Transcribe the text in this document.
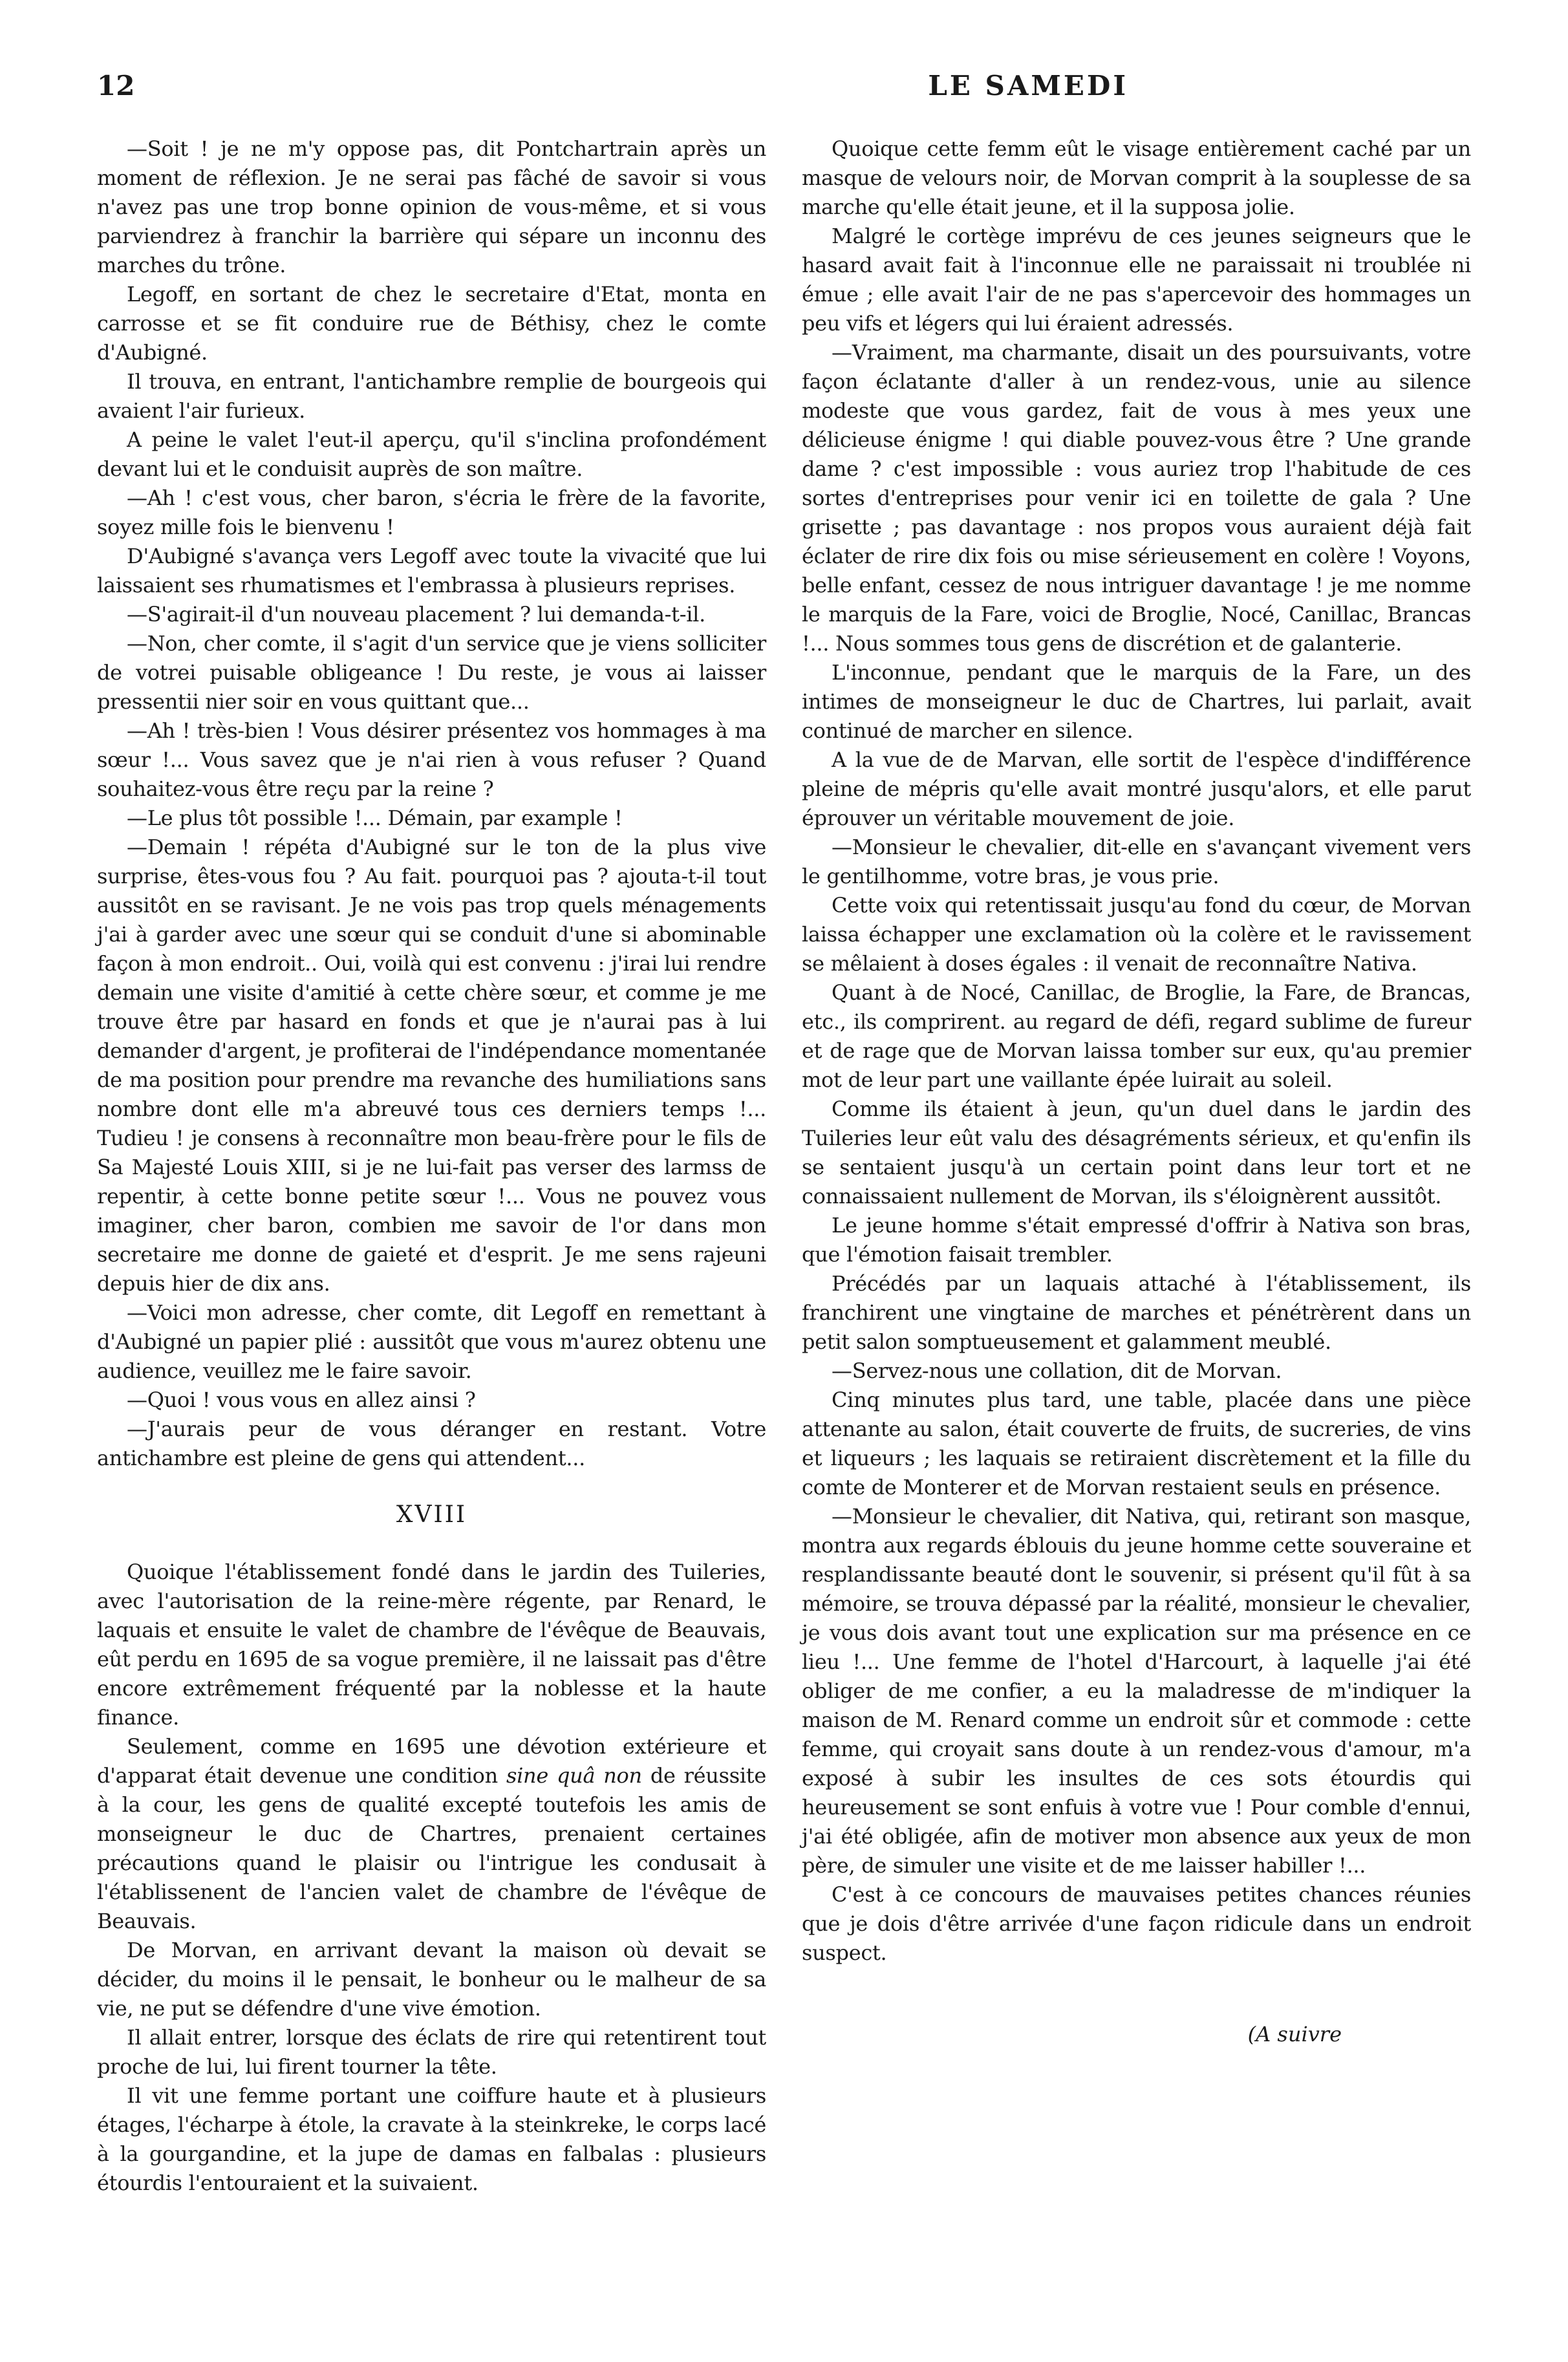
12	LE SAMEDI

—Soit ! je ne m'y oppose pas, dit Pontchartrain après un moment de réflexion. Je ne serai pas fâché de savoir si vous n'avez pas une trop bonne opinion de vous-même, et si vous parviendrez à franchir la barrière qui sépare un inconnu des marches du trône.

Legoff, en sortant de chez le secretaire d'Etat, monta en carrosse et se fit conduire rue de Béthisy, chez le comte d'Aubigné.

Il trouva, en entrant, l'antichambre remplie de bourgeois qui avaient l'air furieux.

A peine le valet l'eut-il aperçu, qu'il s'inclina profondément devant lui et le conduisit auprès de son maître.

—Ah ! c'est vous, cher baron, s'écria le frère de la favorite, soyez mille fois le bienvenu !

D'Aubigné s'avança vers Legoff avec toute la vivacité que lui laissaient ses rhumatismes et l'embrassa à plusieurs reprises.

—S'agirait-il d'un nouveau placement ? lui demanda-t-il.

—Non, cher comte, il s'agit d'un service que je viens solliciter de votrei puisable obligeance ! Du reste, je vous ai laisser pressentii nier soir en vous quittant que...

—Ah ! très-bien ! Vous désirer présentez vos hommages à ma sœur !... Vous savez que je n'ai rien à vous refuser ? Quand souhaitez-vous être reçu par la reine ?

—Le plus tôt possible !... Démain, par example !

—Demain ! répéta d'Aubigné sur le ton de la plus vive surprise, êtes-vous fou ? Au fait. pourquoi pas ? ajouta-t-il tout aussitôt en se ravisant. Je ne vois pas trop quels ménagements j'ai à garder avec une sœur qui se conduit d'une si abominable façon à mon endroit.. Oui, voilà qui est convenu : j'irai lui rendre demain une visite d'amitié à cette chère sœur, et comme je me trouve être par hasard en fonds et que je n'aurai pas à lui demander d'argent, je profiterai de l'indépendance momentanée de ma position pour prendre ma revanche des humiliations sans nombre dont elle m'a abreuvé tous ces derniers temps !... Tudieu ! je consens à reconnaître mon beau-frère pour le fils de Sa Majesté Louis XIII, si je ne lui-fait pas verser des larmss de repentir, à cette bonne petite sœur !... Vous ne pouvez vous imaginer, cher baron, combien me savoir de l'or dans mon secretaire me donne de gaieté et d'esprit. Je me sens rajeuni depuis hier de dix ans.

—Voici mon adresse, cher comte, dit Legoff en remettant à d'Aubigné un papier plié : aussitôt que vous m'aurez obtenu une audience, veuillez me le faire savoir.

—Quoi ! vous vous en allez ainsi ?

—J'aurais peur de vous déranger en restant. Votre antichambre est pleine de gens qui attendent...

XVIII

Quoique l'établissement fondé dans le jardin des Tuileries, avec l'autorisation de la reine-mère régente, par Renard, le laquais et ensuite le valet de chambre de l'évêque de Beauvais, eût perdu en 1695 de sa vogue première, il ne laissait pas d'être encore extrêmement fréquenté par la noblesse et la haute finance.

Seulement, comme en 1695 une dévotion extérieure et d'apparat était devenue une condition sine quâ non de réussite à la cour, les gens de qualité excepté toutefois les amis de monseigneur le duc de Chartres, prenaient certaines précautions quand le plaisir ou l'intrigue les condusait à l'établissenent de l'ancien valet de chambre de l'évêque de Beauvais.

De Morvan, en arrivant devant la maison où devait se décider, du moins il le pensait, le bonheur ou le malheur de sa vie, ne put se défendre d'une vive émotion.

Il allait entrer, lorsque des éclats de rire qui retentirent tout proche de lui, lui firent tourner la tête.

Il vit une femme portant une coiffure haute et à plusieurs étages, l'écharpe à étole, la cravate à la steinkreke, le corps lacé à la gourgandine, et la jupe de damas en falbalas : plusieurs étourdis l'entouraient et la suivaient.

Quoique cette femm eût le visage entièrement caché par un masque de velours noir, de Morvan comprit à la souplesse de sa marche qu'elle était jeune, et il la supposa jolie.

Malgré le cortège imprévu de ces jeunes seigneurs que le hasard avait fait à l'inconnue elle ne paraissait ni troublée ni émue ; elle avait l'air de ne pas s'apercevoir des hommages un peu vifs et légers qui lui éraient adressés.

—Vraiment, ma charmante, disait un des poursuivants, votre façon éclatante d'aller à un rendez-vous, unie au silence modeste que vous gardez, fait de vous à mes yeux une délicieuse énigme ! qui diable pouvez-vous être ? Une grande dame ? c'est impossible : vous auriez trop l'habitude de ces sortes d'entreprises pour venir ici en toilette de gala ? Une grisette ; pas davantage : nos propos vous auraient déjà fait éclater de rire dix fois ou mise sérieusement en colère ! Voyons, belle enfant, cessez de nous intriguer davantage ! je me nomme le marquis de la Fare, voici de Broglie, Nocé, Canillac, Brancas !... Nous sommes tous gens de discrétion et de galanterie.

L'inconnue, pendant que le marquis de la Fare, un des intimes de monseigneur le duc de Chartres, lui parlait, avait continué de marcher en silence.

A la vue de de Marvan, elle sortit de l'espèce d'indifférence pleine de mépris qu'elle avait montré jusqu'alors, et elle parut éprouver un véritable mouvement de joie.

—Monsieur le chevalier, dit-elle en s'avançant vivement vers le gentilhomme, votre bras, je vous prie.

Cette voix qui retentissait jusqu'au fond du cœur, de Morvan laissa échapper une exclamation où la colère et le ravissement se mêlaient à doses égales : il venait de reconnaître Nativa.

Quant à de Nocé, Canillac, de Broglie, la Fare, de Brancas, etc., ils comprirent. au regard de défi, regard sublime de fureur et de rage que de Morvan laissa tomber sur eux, qu'au premier mot de leur part une vaillante épée luirait au soleil.

Comme ils étaient à jeun, qu'un duel dans le jardin des Tuileries leur eût valu des désagréments sérieux, et qu'enfin ils se sentaient jusqu'à un certain point dans leur tort et ne connaissaient nullement de Morvan, ils s'éloignèrent aussitôt.

Le jeune homme s'était empressé d'offrir à Nativa son bras, que l'émotion faisait trembler.

Précédés par un laquais attaché à l'établissement, ils franchirent une vingtaine de marches et pénétrèrent dans un petit salon somptueusement et galamment meublé.

—Servez-nous une collation, dit de Morvan.

Cinq minutes plus tard, une table, placée dans une pièce attenante au salon, était couverte de fruits, de sucreries, de vins et liqueurs ; les laquais se retiraient discrètement et la fille du comte de Monterer et de Morvan restaient seuls en présence.

—Monsieur le chevalier, dit Nativa, qui, retirant son masque, montra aux regards éblouis du jeune homme cette souveraine et resplandissante beauté dont le souvenir, si présent qu'il fût à sa mémoire, se trouva dépassé par la réalité, monsieur le chevalier, je vous dois avant tout une explication sur ma présence en ce lieu !... Une femme de l'hotel d'Harcourt, à laquelle j'ai été obliger de me confier, a eu la maladresse de m'indiquer la maison de M. Renard comme un endroit sûr et commode : cette femme, qui croyait sans doute à un rendez-vous d'amour, m'a exposé à subir les insultes de ces sots étourdis qui heureusement se sont enfuis à votre vue ! Pour comble d'ennui, j'ai été obligée, afin de motiver mon absence aux yeux de mon père, de simuler une visite et de me laisser habiller !...

C'est à ce concours de mauvaises petites chances réunies que je dois d'être arrivée d'une façon ridicule dans un endroit suspect.

(A suivre
